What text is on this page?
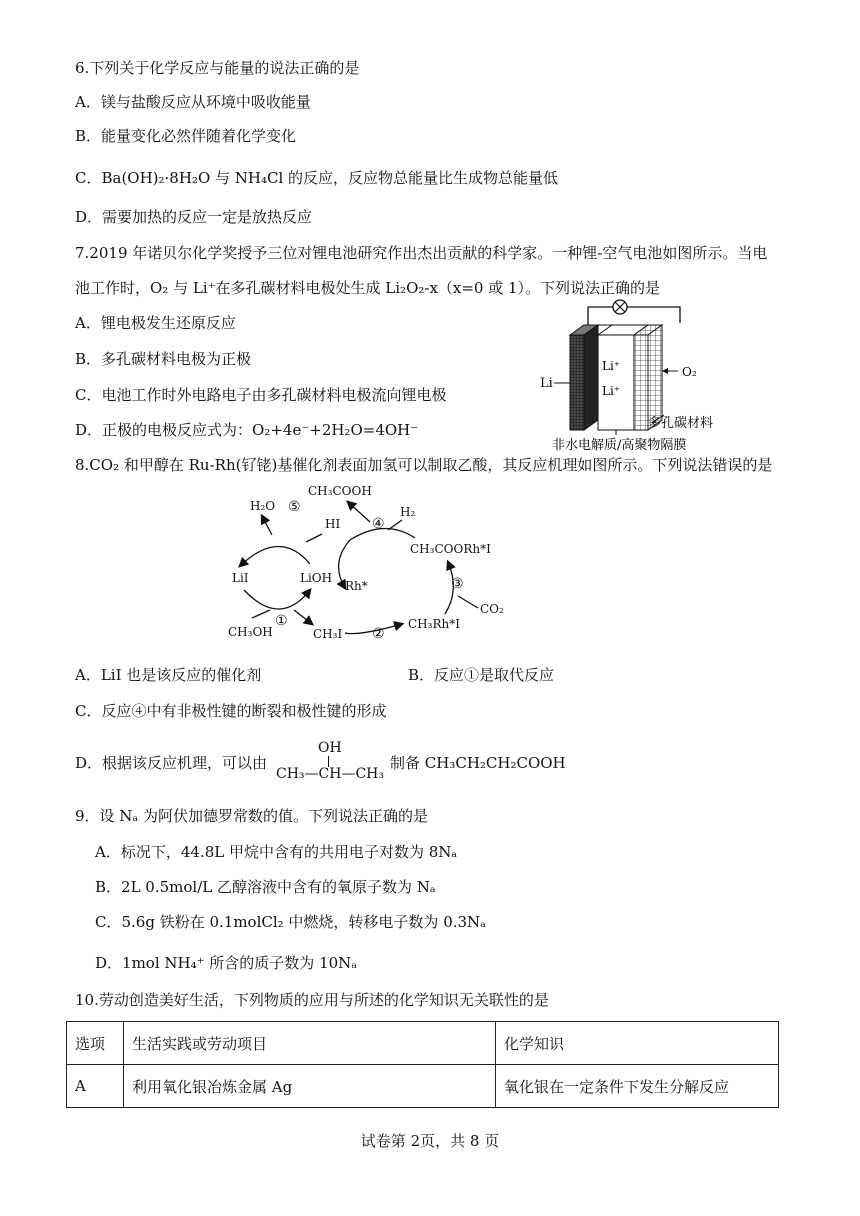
6.下列关于化学反应与能量的说法正确的是
A．镁与盐酸反应从环境中吸收能量
B．能量变化必然伴随着化学变化
C．Ba(OH)₂·8H₂O 与 NH₄Cl 的反应，反应物总能量比生成物总能量低
D．需要加热的反应一定是放热反应
7.2019 年诺贝尔化学奖授予三位对锂电池研究作出杰出贡献的科学家。一种锂-空气电池如图所示。当电
池工作时，O₂ 与 Li⁺在多孔碳材料电极处生成 Li₂O₂-x（x=0 或 1）。下列说法正确的是
A．锂电极发生还原反应
B．多孔碳材料电极为正极
C．电池工作时外电路电子由多孔碳材料电极流向锂电极
D．正极的电极反应式为：O₂+4e⁻+2H₂O=4OH⁻
Li⁺
Li⁺
Li
O₂
多孔碳材料
非水电解质/高聚物隔膜
8.CO₂ 和甲醇在 Ru-Rh(钌铑)基催化剂表面加氢可以制取乙酸，其反应机理如图所示。下列说法错误的是
CH₃COOH
H₂O
HI
H₂
CH₃COORh*I
LiI	LiOH
Rh*
CH₃OH	CH₃I
CH₃Rh*I
CO₂
⑤
④
③
①
②
A．LiI 也是该反应的催化剂	B．反应①是取代反应
C．反应④中有非极性键的断裂和极性键的形成
D．根据该反应机理，可以由
OH
CH₃—CH—CH₃
制备 CH₃CH₂CH₂COOH
9．设 Nₐ 为阿伏加德罗常数的值。下列说法正确的是
A．标况下，44.8L 甲烷中含有的共用电子对数为 8Nₐ
B．2L 0.5mol/L 乙醇溶液中含有的氧原子数为 Nₐ
C．5.6g 铁粉在 0.1molCl₂ 中燃烧，转移电子数为 0.3Nₐ
D．1mol NH₄⁺ 所含的质子数为 10Nₐ
10.劳动创造美好生活，下列物质的应用与所述的化学知识无关联性的是
选项	生活实践或劳动项目	化学知识
A	利用氧化银冶炼金属 Ag	氧化银在一定条件下发生分解反应
试卷第 2页，共 8 页
